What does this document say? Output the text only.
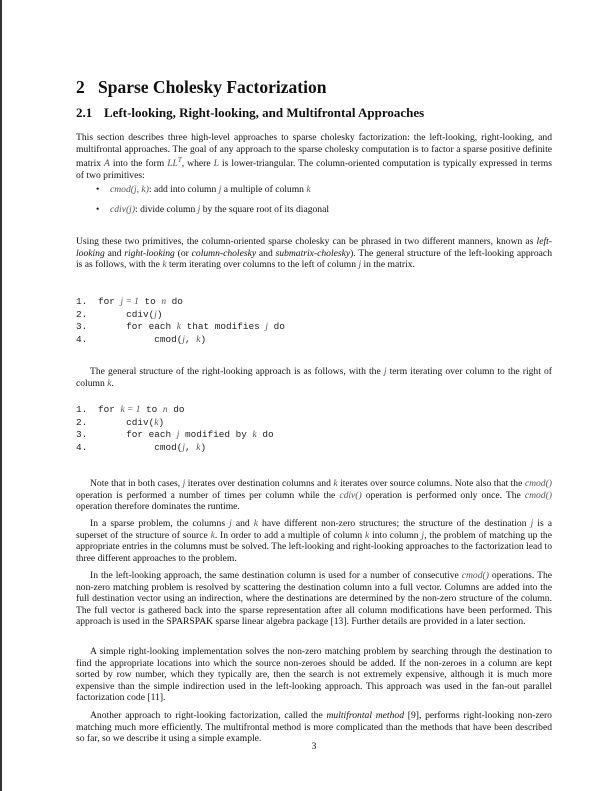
2 Sparse Cholesky Factorization
2.1 Left-looking, Right-looking, and Multifrontal Approaches
This section describes three high-level approaches to sparse cholesky factorization: the left-looking, right-looking, and multifrontal approaches. The goal of any approach to the sparse cholesky computation is to factor a sparse positive definite matrix A into the form $LL^T$, where L is lower-triangular. The column-oriented computation is typically expressed in terms of two primitives:
• cmod(j, k): add into column j a multiple of column k
• cdiv(j): divide column j by the square root of its diagonal
Using these two primitives, the column-oriented sparse cholesky can be phrased in two different manners, known as left-looking and right-looking (or column-cholesky and submatrix-cholesky). The general structure of the left-looking approach is as follows, with the k term iterating over columns to the left of column j in the matrix.
1. for j = 1 to n do
2.     cdiv(j)
3.     for each k that modifies j do
4.          cmod(j, k)
The general structure of the right-looking approach is as follows, with the j term iterating over column to the right of column k.
1. for k = 1 to n do
2.     cdiv(k)
3.     for each j modified by k do
4.          cmod(j, k)
Note that in both cases, j iterates over destination columns and k iterates over source columns. Note also that the cmod() operation is performed a number of times per column while the cdiv() operation is performed only once. The cmod() operation therefore dominates the runtime.
In a sparse problem, the columns j and k have different non-zero structures; the structure of the destination j is a superset of the structure of source k. In order to add a multiple of column k into column j, the problem of matching up the appropriate entries in the columns must be solved. The left-looking and right-looking approaches to the factorization lead to three different approaches to the problem.
In the left-looking approach, the same destination column is used for a number of consecutive cmod() operations. The non-zero matching problem is resolved by scattering the destination column into a full vector. Columns are added into the full destination vector using an indirection, where the destinations are determined by the non-zero structure of the column. The full vector is gathered back into the sparse representation after all column modifications have been performed. This approach is used in the SPARSPAK sparse linear algebra package [13]. Further details are provided in a later section.
A simple right-looking implementation solves the non-zero matching problem by searching through the destination to find the appropriate locations into which the source non-zeroes should be added. If the non-zeroes in a column are kept sorted by row number, which they typically are, then the search is not extremely expensive, although it is much more expensive than the simple indirection used in the left-looking approach. This approach was used in the fan-out parallel factorization code [11].
Another approach to right-looking factorization, called the multifrontal method [9], performs right-looking non-zero matching much more efficiently. The multifrontal method is more complicated than the methods that have been described so far, so we describe it using a simple example.
3
